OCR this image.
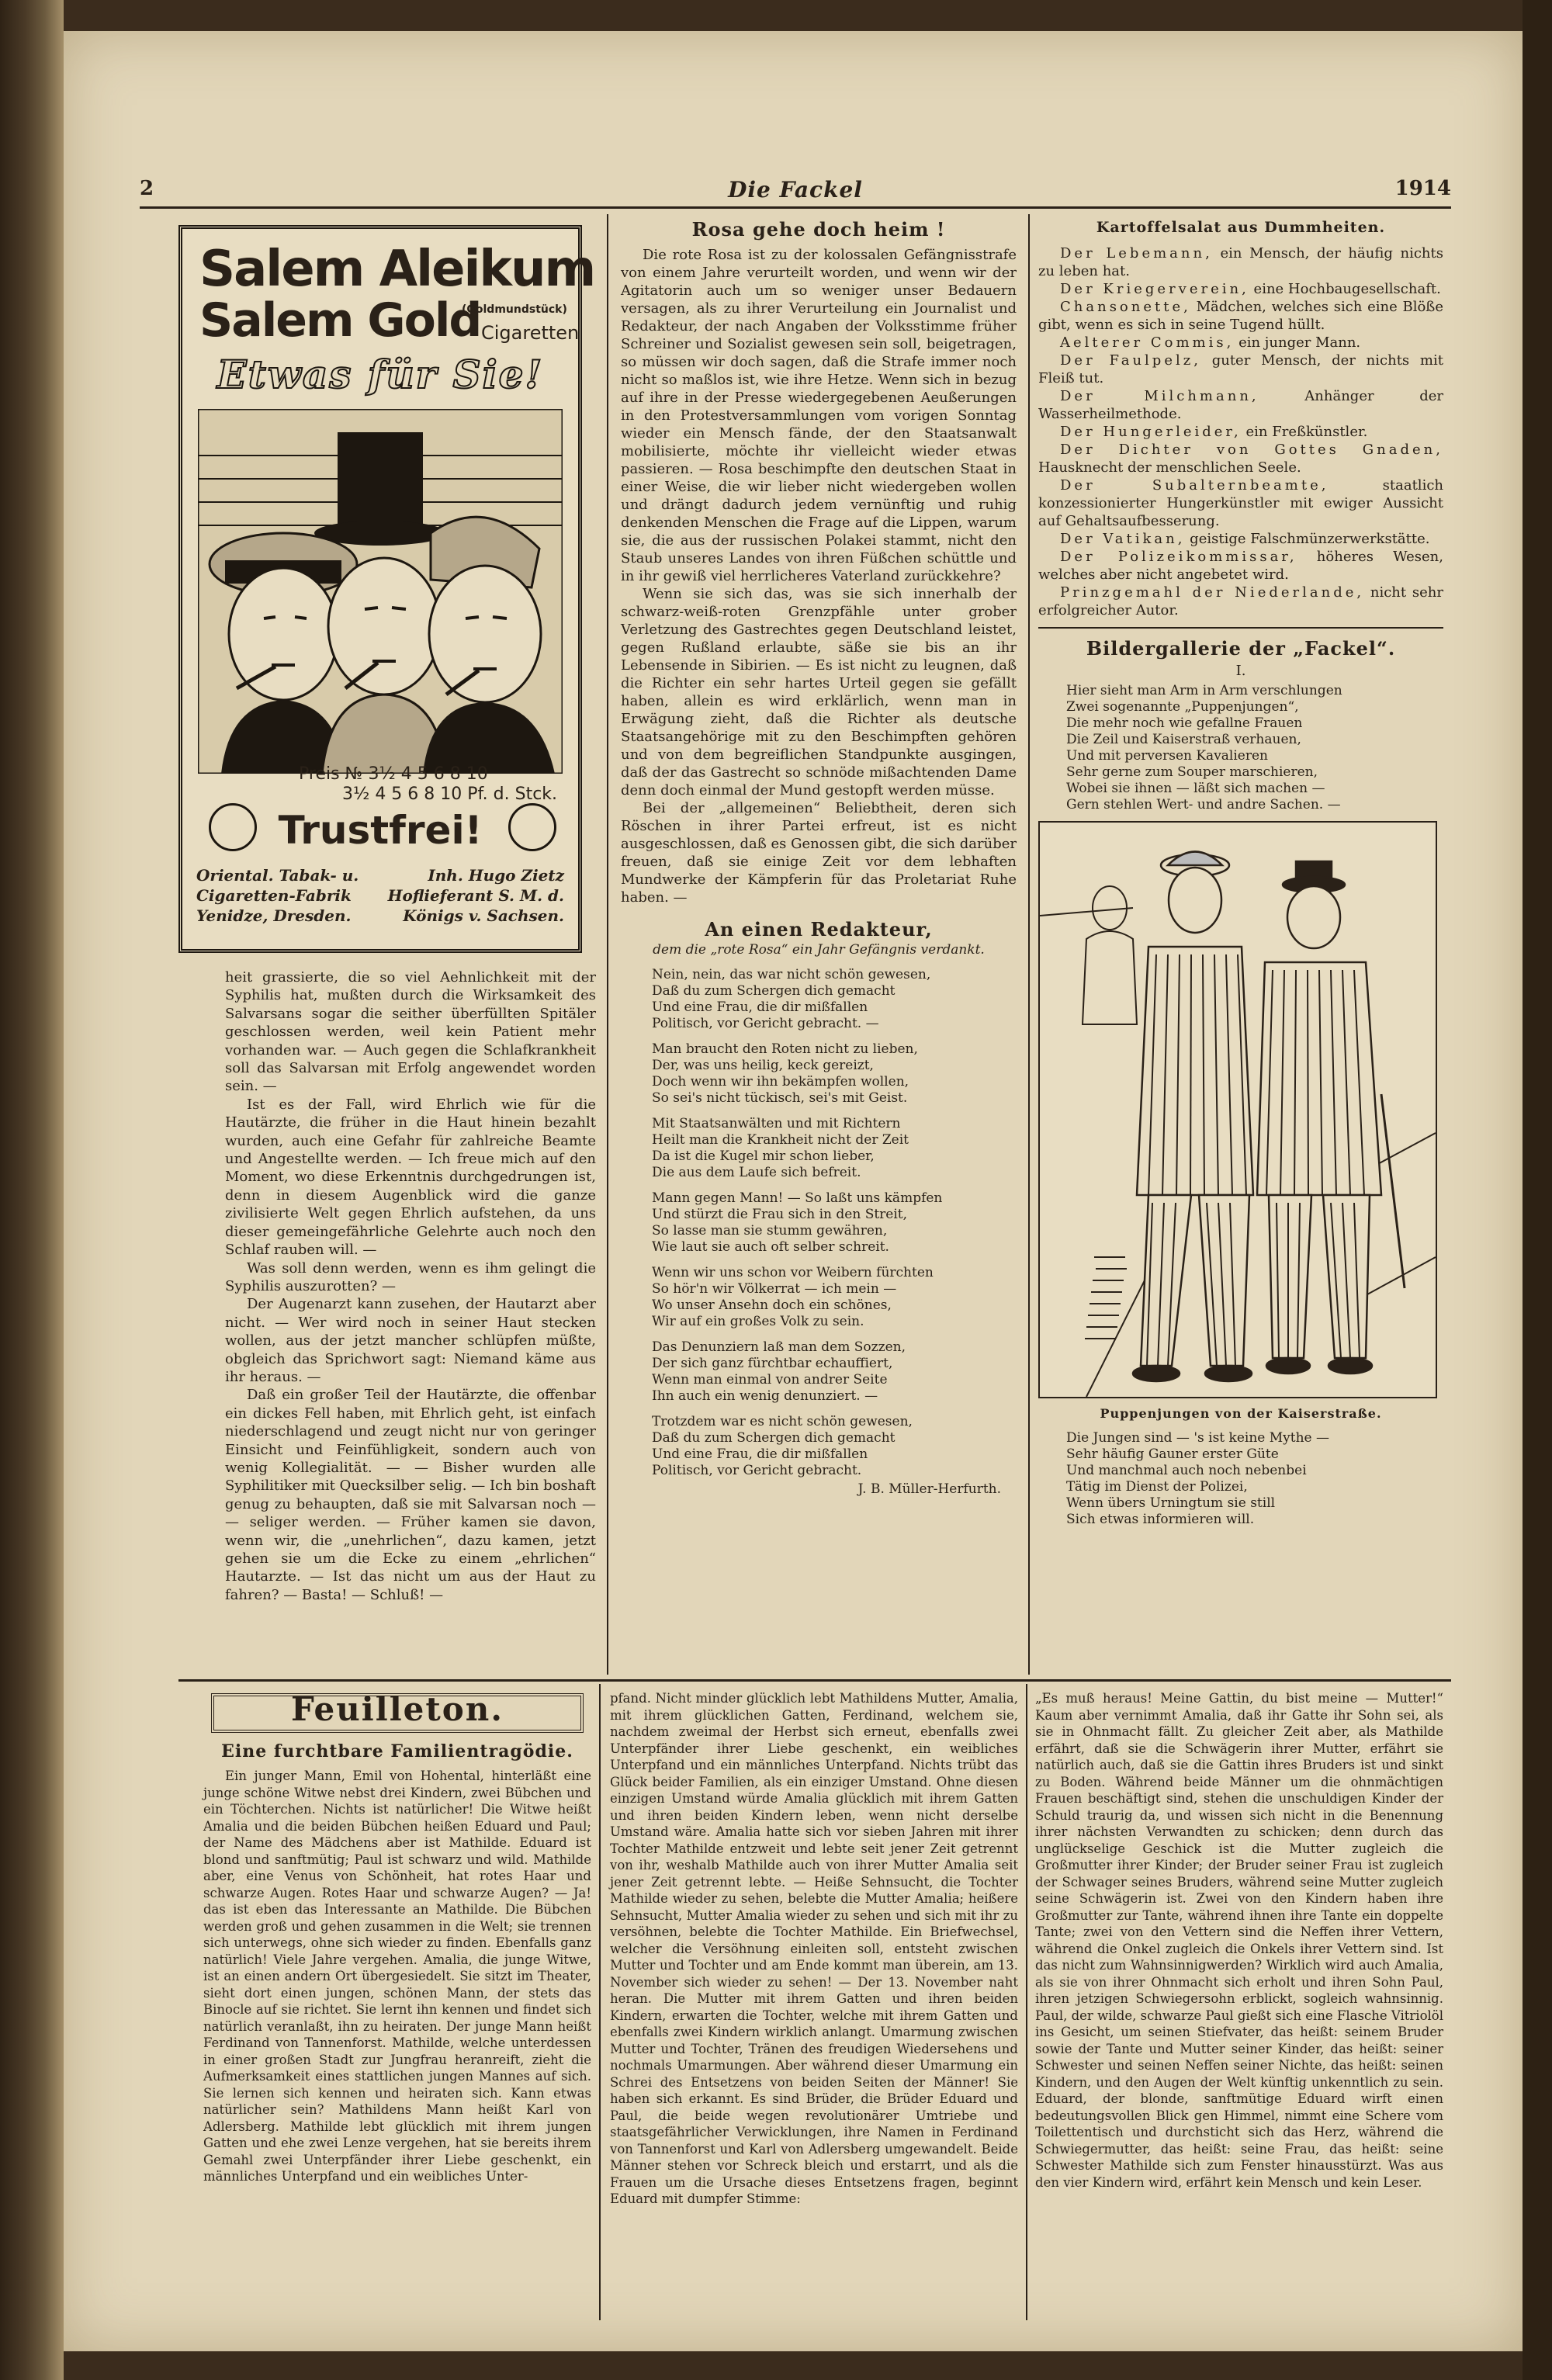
2	Die Fackel	1914
Salem Aleikum
Salem Gold
(Goldmundstück)
Cigaretten
Etwas für Sie!
Preis № 3½ 4 5 6 8 10
3½ 4 5 6 8 10 Pf. d. Stck.
Trustfrei!
Oriental. Tabak- u. Cigaretten-Fabrik Yenidze, Dresden.
Inh. Hugo Zietz Hoflieferant S. M. d. Königs v. Sachsen.

heit grassierte, die so viel Aehnlichkeit mit der Syphilis hat, mußten durch die Wirksamkeit des Salvarsans sogar die seither überfüllten Spitäler geschlossen werden, weil kein Patient mehr vorhanden war. — Auch gegen die Schlafkrankheit soll das Salvarsan mit Erfolg angewendet worden sein. —

Ist es der Fall, wird Ehrlich wie für die Hautärzte, die früher in die Haut hinein bezahlt wurden, auch eine Gefahr für zahlreiche Beamte und Angestellte werden. — Ich freue mich auf den Moment, wo diese Erkenntnis durchgedrungen ist, denn in diesem Augenblick wird die ganze zivilisierte Welt gegen Ehrlich aufstehen, da uns dieser gemeingefährliche Gelehrte auch noch den Schlaf rauben will. —

Was soll denn werden, wenn es ihm gelingt die Syphilis auszurotten? —

Der Augenarzt kann zusehen, der Hautarzt aber nicht. — Wer wird noch in seiner Haut stecken wollen, aus der jetzt mancher schlüpfen müßte, obgleich das Sprichwort sagt: Niemand käme aus ihr heraus. —

Daß ein großer Teil der Hautärzte, die offenbar ein dickes Fell haben, mit Ehrlich geht, ist einfach niederschlagend und zeugt nicht nur von geringer Einsicht und Feinfühligkeit, sondern auch von wenig Kollegialität. — — Bisher wurden alle Syphilitiker mit Quecksilber selig. — Ich bin boshaft genug zu behaupten, daß sie mit Salvarsan noch — — seliger werden. — Früher kamen sie davon, wenn wir, die „unehrlichen“, dazu kamen, jetzt gehen sie um die Ecke zu einem „ehrlichen“ Hautarzte. — Ist das nicht um aus der Haut zu fahren? — Basta! — Schluß! —

Rosa gehe doch heim !

Die rote Rosa ist zu der kolossalen Gefängnisstrafe von einem Jahre verurteilt worden, und wenn wir der Agitatorin auch um so weniger unser Bedauern versagen, als zu ihrer Verurteilung ein Journalist und Redakteur, der nach Angaben der Volksstimme früher Schreiner und Sozialist gewesen sein soll, beigetragen, so müssen wir doch sagen, daß die Strafe immer noch nicht so maßlos ist, wie ihre Hetze. Wenn sich in bezug auf ihre in der Presse wiedergegebenen Aeußerungen in den Protestversammlungen vom vorigen Sonntag wieder ein Mensch fände, der den Staatsanwalt mobilisierte, möchte ihr vielleicht wieder etwas passieren. — Rosa beschimpfte den deutschen Staat in einer Weise, die wir lieber nicht wiedergeben wollen und drängt dadurch jedem vernünftig und ruhig denkenden Menschen die Frage auf die Lippen, warum sie, die aus der russischen Polakei stammt, nicht den Staub unseres Landes von ihren Füßchen schüttle und in ihr gewiß viel herrlicheres Vaterland zurückkehre?

Wenn sie sich das, was sie sich innerhalb der schwarz-weiß-roten Grenzpfähle unter grober Verletzung des Gastrechtes gegen Deutschland leistet, gegen Rußland erlaubte, säße sie bis an ihr Lebensende in Sibirien. — Es ist nicht zu leugnen, daß die Richter ein sehr hartes Urteil gegen sie gefällt haben, allein es wird erklärlich, wenn man in Erwägung zieht, daß die Richter als deutsche Staatsangehörige mit zu den Beschimpften gehören und von dem begreiflichen Standpunkte ausgingen, daß der das Gastrecht so schnöde mißachtenden Dame denn doch einmal der Mund gestopft werden müsse.

Bei der „allgemeinen“ Beliebtheit, deren sich Röschen in ihrer Partei erfreut, ist es nicht ausgeschlossen, daß es Genossen gibt, die sich darüber freuen, daß sie einige Zeit vor dem lebhaften Mundwerke der Kämpferin für das Proletariat Ruhe haben. —

An einen Redakteur,
dem die „rote Rosa“ ein Jahr Gefängnis verdankt.
Nein, nein, das war nicht schön gewesen,
Daß du zum Schergen dich gemacht
Und eine Frau, die dir mißfallen
Politisch, vor Gericht gebracht. —
Man braucht den Roten nicht zu lieben,
Der, was uns heilig, keck gereizt,
Doch wenn wir ihn bekämpfen wollen,
So sei's nicht tückisch, sei's mit Geist.
Mit Staatsanwälten und mit Richtern
Heilt man die Krankheit nicht der Zeit
Da ist die Kugel mir schon lieber,
Die aus dem Laufe sich befreit.
Mann gegen Mann! — So laßt uns kämpfen
Und stürzt die Frau sich in den Streit,
So lasse man sie stumm gewähren,
Wie laut sie auch oft selber schreit.
Wenn wir uns schon vor Weibern fürchten
So hör'n wir Völkerrat — ich mein —
Wo unser Ansehn doch ein schönes,
Wir auf ein großes Volk zu sein.
Das Denunziern laß man dem Sozzen,
Der sich ganz fürchtbar echauffiert,
Wenn man einmal von andrer Seite
Ihn auch ein wenig denunziert. —
Trotzdem war es nicht schön gewesen,
Daß du zum Schergen dich gemacht
Und eine Frau, die dir mißfallen
Politisch, vor Gericht gebracht.
J. B. Müller-Herfurth.
Kartoffelsalat aus Dummheiten.

Der Lebemann, ein Mensch, der häufig nichts zu leben hat.

Der Kriegerverein, eine Hochbaugesellschaft.

Chansonette, Mädchen, welches sich eine Blöße gibt, wenn es sich in seine Tugend hüllt.

Aelterer Commis, ein junger Mann.

Der Faulpelz, guter Mensch, der nichts mit Fleiß tut.

Der Milchmann,	Anhänger der Wasserheilmethode.

Der Hungerleider, ein Freßkünstler.

Der Dichter von Gottes Gnaden, Hausknecht der menschlichen Seele.

Der Subalternbeamte,	staatlich konzessionierter Hungerkünstler mit ewiger Aussicht auf Gehaltsaufbesserung.

Der Vatikan, geistige Falschmünzerwerkstätte.

Der Polizeikommissar, höheres Wesen, welches aber nicht angebetet wird.

Prinzgemahl der Niederlande, nicht sehr erfolgreicher Autor.

Bildergallerie der „Fackel“.
I.
Hier sieht man Arm in Arm verschlungen
Zwei sogenannte „Puppenjungen“,
Die mehr noch wie gefallne Frauen
Die Zeil und Kaiserstraß verhauen,
Und mit perversen Kavalieren
Sehr gerne zum Souper marschieren,
Wobei sie ihnen — läßt sich machen —
Gern stehlen Wert- und andre Sachen. —
Puppenjungen von der Kaiserstraße.
Die Jungen sind — 's ist keine Mythe —
Sehr häufig Gauner erster Güte
Und manchmal auch noch nebenbei
Tätig im Dienst der Polizei,
Wenn übers Urningtum sie still
Sich etwas informieren will.
Feuilleton.
Eine furchtbare Familientragödie.

Ein junger Mann, Emil von Hohental, hinterläßt eine junge schöne Witwe nebst drei Kindern, zwei Bübchen und ein Töchterchen. Nichts ist natürlicher! Die Witwe heißt Amalia und die beiden Bübchen heißen Eduard und Paul; der Name des Mädchens aber ist Mathilde. Eduard ist blond und sanftmütig; Paul ist schwarz und wild. Mathilde aber, eine Venus von Schönheit, hat rotes Haar und schwarze Augen. Rotes Haar und schwarze Augen? — Ja! das ist eben das Interessante an Mathilde. Die Bübchen werden groß und gehen zusammen in die Welt; sie trennen sich unterwegs, ohne sich wieder zu finden. Ebenfalls ganz natürlich! Viele Jahre vergehen. Amalia, die junge Witwe, ist an einen andern Ort übergesiedelt. Sie sitzt im Theater, sieht dort einen jungen, schönen Mann, der stets das Binocle auf sie richtet. Sie lernt ihn kennen und findet sich natürlich veranlaßt, ihn zu heiraten. Der junge Mann heißt Ferdinand von Tannenforst. Mathilde, welche unterdessen in einer großen Stadt zur Jungfrau heranreift, zieht die Aufmerksamkeit eines stattlichen jungen Mannes auf sich. Sie lernen sich kennen und heiraten sich. Kann etwas natürlicher sein? Mathildens Mann heißt Karl von Adlersberg. Mathilde lebt glücklich mit ihrem jungen Gatten und ehe zwei Lenze vergehen, hat sie bereits ihrem Gemahl zwei Unterpfänder ihrer Liebe geschenkt, ein männliches Unterpfand und ein weibliches Unter-

pfand. Nicht minder glücklich lebt Mathildens Mutter, Amalia, mit ihrem glücklichen Gatten, Ferdinand, welchem sie, nachdem zweimal der Herbst sich erneut, ebenfalls zwei Unterpfänder ihrer Liebe geschenkt, ein weibliches Unterpfand und ein männliches Unterpfand. Nichts trübt das Glück beider Familien, als ein einziger Umstand. Ohne diesen einzigen Umstand würde Amalia glücklich mit ihrem Gatten und ihren beiden Kindern leben, wenn nicht derselbe Umstand wäre. Amalia hatte sich vor sieben Jahren mit ihrer Tochter Mathilde entzweit und lebte seit jener Zeit getrennt von ihr, weshalb Mathilde auch von ihrer Mutter Amalia seit jener Zeit getrennt lebte. — Heiße Sehnsucht, die Tochter Mathilde wieder zu sehen, belebte die Mutter Amalia; heißere Sehnsucht, Mutter Amalia wieder zu sehen und sich mit ihr zu versöhnen, belebte die Tochter Mathilde. Ein Briefwechsel, welcher die Versöhnung einleiten soll, entsteht zwischen Mutter und Tochter und am Ende kommt man überein, am 13. November sich wieder zu sehen! — Der 13. November naht heran. Die Mutter mit ihrem Gatten und ihren beiden Kindern, erwarten die Tochter, welche mit ihrem Gatten und ebenfalls zwei Kindern wirklich anlangt. Umarmung zwischen Mutter und Tochter, Tränen des freudigen Wiedersehens und nochmals Umarmungen. Aber während dieser Umarmung ein Schrei des Entsetzens von beiden Seiten der Männer! Sie haben sich erkannt. Es sind Brüder, die Brüder Eduard und Paul, die beide wegen revolutionärer Umtriebe und staatsgefährlicher Verwicklungen, ihre Namen in Ferdinand von Tannenforst und Karl von Adlersberg umgewandelt. Beide Männer stehen vor Schreck bleich und erstarrt, und als die Frauen um die Ursache dieses Entsetzens fragen, beginnt Eduard mit dumpfer Stimme:

„Es muß heraus! Meine Gattin, du bist meine — Mutter!“ Kaum aber vernimmt Amalia, daß ihr Gatte ihr Sohn sei, als sie in Ohnmacht fällt. Zu gleicher Zeit aber, als Mathilde erfährt, daß sie die Schwägerin ihrer Mutter, erfährt sie natürlich auch, daß sie die Gattin ihres Bruders ist und sinkt zu Boden. Während beide Männer um die ohnmächtigen Frauen beschäftigt sind, stehen die unschuldigen Kinder der Schuld traurig da, und wissen sich nicht in die Benennung ihrer nächsten Verwandten zu schicken; denn durch das unglückselige Geschick ist die Mutter zugleich die Großmutter ihrer Kinder; der Bruder seiner Frau ist zugleich der Schwager seines Bruders, während seine Mutter zugleich seine Schwägerin ist. Zwei von den Kindern haben ihre Großmutter zur Tante, während ihnen ihre Tante ein doppelte Tante; zwei von den Vettern sind die Neffen ihrer Vettern, während die Onkel zugleich die Onkels ihrer Vettern sind. Ist das nicht zum Wahnsinnigwerden? Wirklich wird auch Amalia, als sie von ihrer Ohnmacht sich erholt und ihren Sohn Paul, ihren jetzigen Schwiegersohn erblickt, sogleich wahnsinnig. Paul, der wilde, schwarze Paul gießt sich eine Flasche Vitriolöl ins Gesicht, um seinen Stiefvater, das heißt: seinem Bruder sowie der Tante und Mutter seiner Kinder, das heißt: seiner Schwester und seinen Neffen seiner Nichte, das heißt: seinen Kindern, und den Augen der Welt künftig unkenntlich zu sein. Eduard, der blonde, sanftmütige Eduard wirft einen bedeutungsvollen Blick gen Himmel, nimmt eine Schere vom Toilettentisch und durchsticht sich das Herz, während die Schwiegermutter, das heißt: seine Frau, das heißt: seine Schwester Mathilde sich zum Fenster hinausstürzt. Was aus den vier Kindern wird, erfährt kein Mensch und kein Leser.
